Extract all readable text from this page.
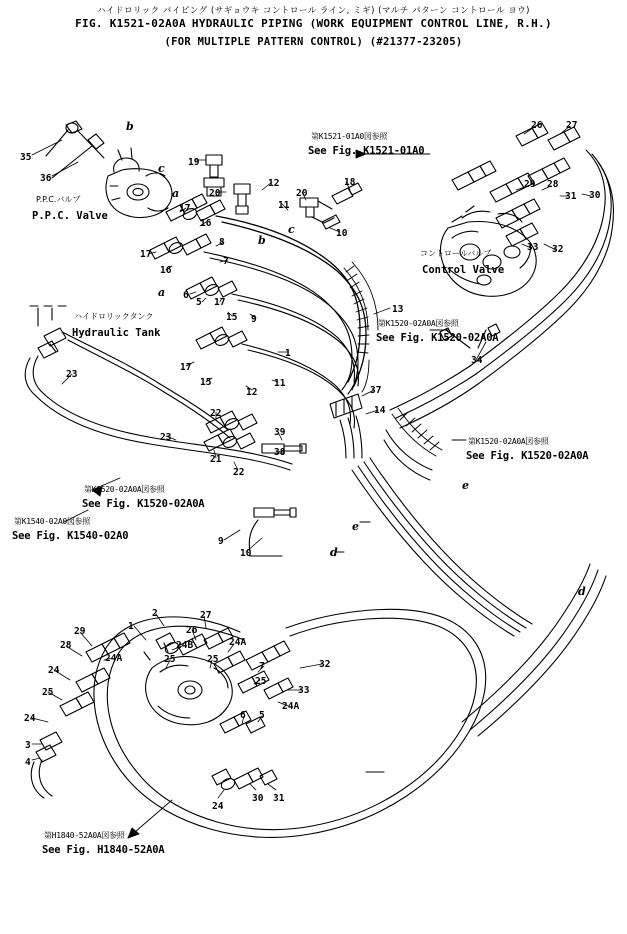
ハイドロリック パイピング (サギョウキ コントロール ライン, ミギ) (マルチ パターン コントロール ヨウ)
FIG. K1521-02A0A HYDRAULIC PIPING (WORK EQUIPMENT CONTROL LINE, R.H.)
(FOR MULTIPLE PATTERN CONTROL) (#21377-23205)
P.P.C.バルブ
P.P.C. Valve
ハイドロリックタンク
Hydraulic Tank
コントロールバルブ
Control Valve
第K1521-01A0図参照
See Fig. K1521-01A0
第K1520-02A0A図参照
See Fig. K1520-02A0A
第K1520-02A0A図参照
See Fig. K1520-02A0A
第K1520-02A0A図参照
See Fig. K1520-02A0A
第K1540-02A0図参照
See Fig. K1540-02A0
第H1840-52A0A図参照
See Fig. H1840-52A0A
35
36
19
12
20	20
18
11
17
16
10
17
16
8
7
6
5 17
15 9
1
17
15
12
11
13
37
14
22
21
22
39
38
23
23
9
10
26 27
29 28
31 30
33 32
34
2	27
1	26
24B	24A
29
28
24A	25	25
7	32
24
25
33
25
24A
24	6 5
3
4
30 31
24
b
c
a
b
c
a
e
d
e
d
